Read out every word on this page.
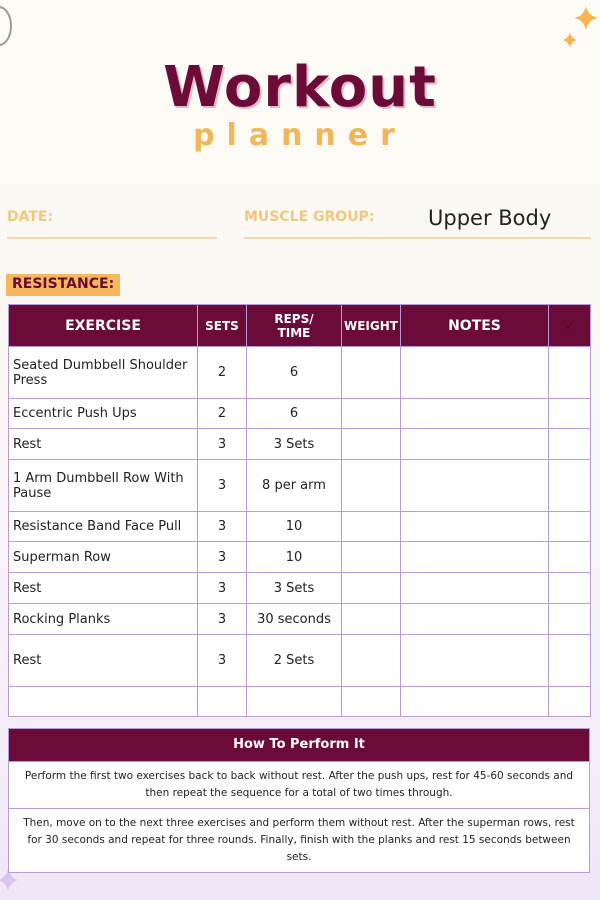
Workout
planner
DATE:	MUSCLE GROUP:	Upper Body
RESISTANCE:
EXERCISE	SETS	REPS/ TIME	WEIGHT	NOTES	✓
Seated Dumbbell Shoulder Press	2	6			
Eccentric Push Ups	2	6			
Rest	3	3 Sets			
1 Arm Dumbbell Row With Pause	3	8 per arm			
Resistance Band Face Pull	3	10			
Superman Row	3	10			
Rest	3	3 Sets			
Rocking Planks	3	30 seconds			
Rest	3	2 Sets			

How To Perform It
Perform the first two exercises back to back without rest. After the push ups, rest for 45-60 seconds and then repeat the sequence for a total of two times through.
Then, move on to the next three exercises and perform them without rest. After the superman rows, rest for 30 seconds and repeat for three rounds. Finally, finish with the planks and rest 15 seconds between sets.
